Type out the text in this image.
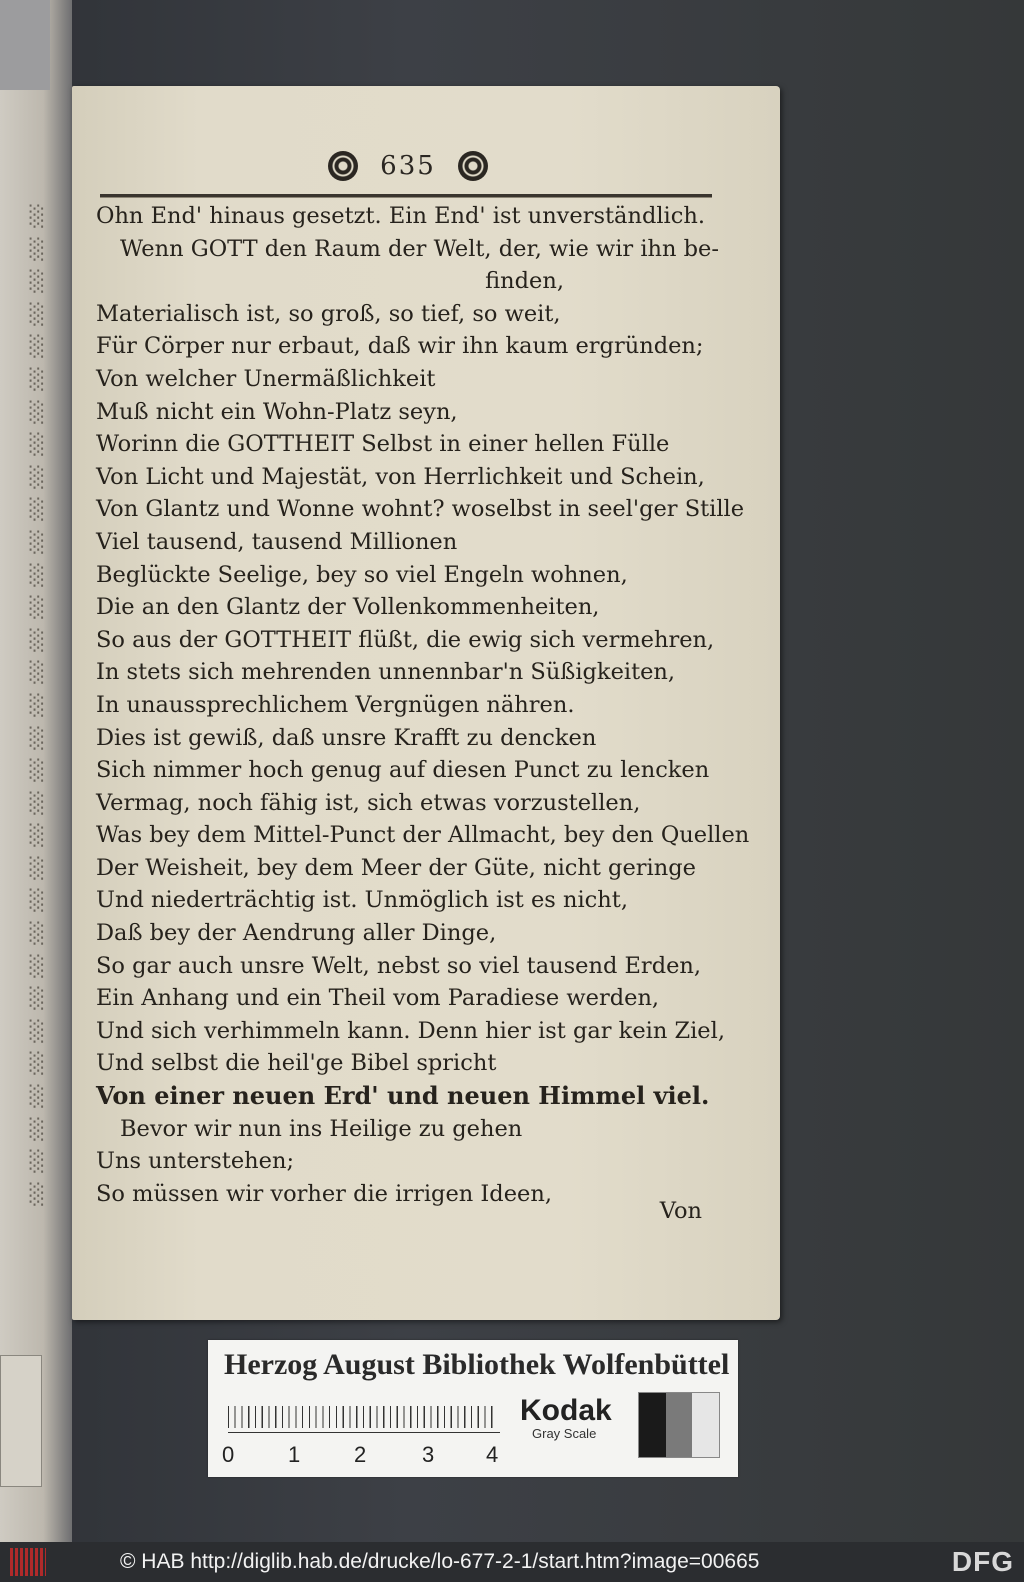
░
░
░
░
░
░
░
░
░
░
░
░
░
░
░
░
░
░
░
░
░
░
░
░
░
░
░
░
░
░
░
635
Ohn End' hinaus gesetzt. Ein End' ist unverständlich.
Wenn GOTT den Raum der Welt, der, wie wir ihn be-
finden,
Materialisch ist, so groß, so tief, so weit,
Für Cörper nur erbaut, daß wir ihn kaum ergründen;
Von welcher Unermäßlichkeit
Muß nicht ein Wohn-Platz seyn,
Worinn die GOTTHEIT Selbst in einer hellen Fülle
Von Licht und Majestät, von Herrlichkeit und Schein,
Von Glantz und Wonne wohnt? woselbst in seel'ger Stille
Viel tausend, tausend Millionen
Beglückte Seelige, bey so viel Engeln wohnen,
Die an den Glantz der Vollenkommenheiten,
So aus der GOTTHEIT flüßt, die ewig sich vermehren,
In stets sich mehrenden unnennbar'n Süßigkeiten,
In unaussprechlichem Vergnügen nähren.
Dies ist gewiß, daß unsre Krafft zu dencken
Sich nimmer hoch genug auf diesen Punct zu lencken
Vermag, noch fähig ist, sich etwas vorzustellen,
Was bey dem Mittel-Punct der Allmacht, bey den Quellen
Der Weisheit, bey dem Meer der Güte, nicht geringe
Und niederträchtig ist. Unmöglich ist es nicht,
Daß bey der Aendrung aller Dinge,
So gar auch unsre Welt, nebst so viel tausend Erden,
Ein Anhang und ein Theil vom Paradiese werden,
Und sich verhimmeln kann. Denn hier ist gar kein Ziel,
Und selbst die heil'ge Bibel spricht
Von einer neuen Erd' und neuen Himmel viel.
Bevor wir nun ins Heilige zu gehen
Uns unterstehen;
So müssen wir vorher die irrigen Ideen,
Von
Herzog August Bibliothek Wolfenbüttel
0 1 2	3 4
Kodak
Gray Scale
© HAB http://diglib.hab.de/drucke/lo-677-2-1/start.htm?image=00665	DFG
